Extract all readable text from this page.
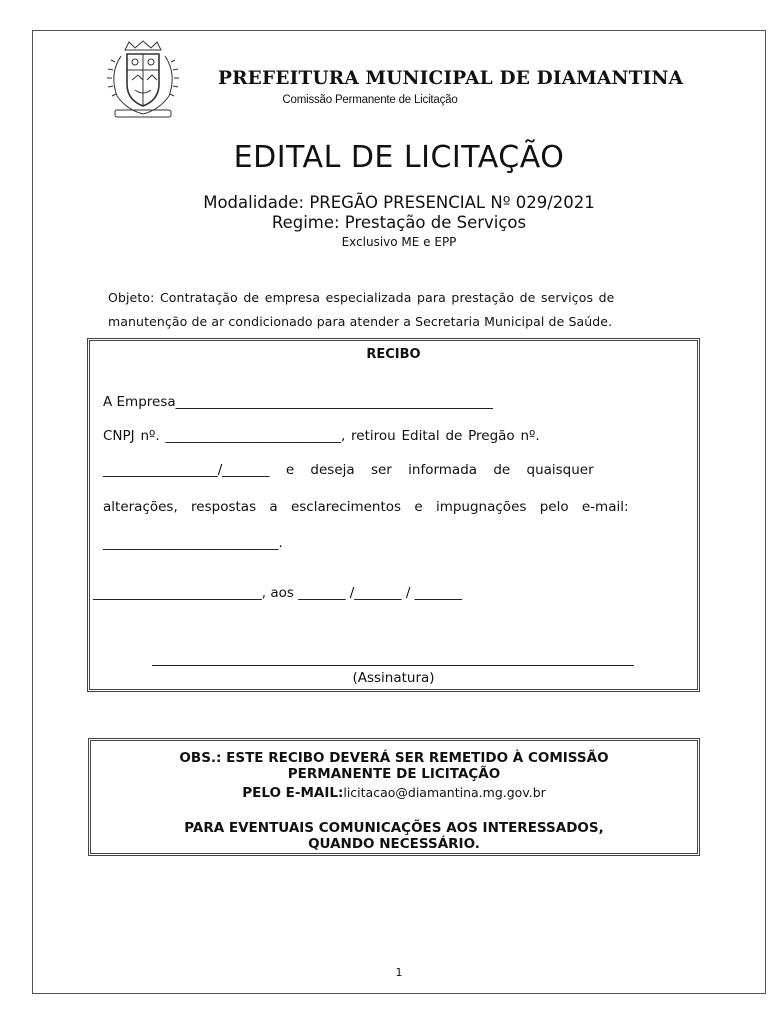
PREFEITURA MUNICIPAL DE DIAMANTINA
Comissão Permanente de Licitação
EDITAL DE LICITAÇÃO
Modalidade: PREGÃO PRESENCIAL Nº 029/2021
Regime: Prestação de Serviços
Exclusivo ME e EPP
Objeto: Contratação de empresa especializada para prestação de serviços de
manutenção de ar condicionado para atender a Secretaria Municipal de Saúde.
RECIBO
A Empresa_______________________________________________
CNPJ nº. __________________________, retirou Edital de Pregão nº.
_________________/_______ e deseja ser informada de quaisquer
alterações, respostas a esclarecimentos e impugnações pelo e-mail:
__________________________.
_________________________, aos _______ /_______ / _______
(Assinatura)
OBS.: ESTE RECIBO DEVERÁ SER REMETIDO À COMISSÃO
PERMANENTE DE LICITAÇÃO
PELO E-MAIL:licitacao@diamantina.mg.gov.br
PARA EVENTUAIS COMUNICAÇÕES AOS INTERESSADOS,
QUANDO NECESSÁRIO.
1
